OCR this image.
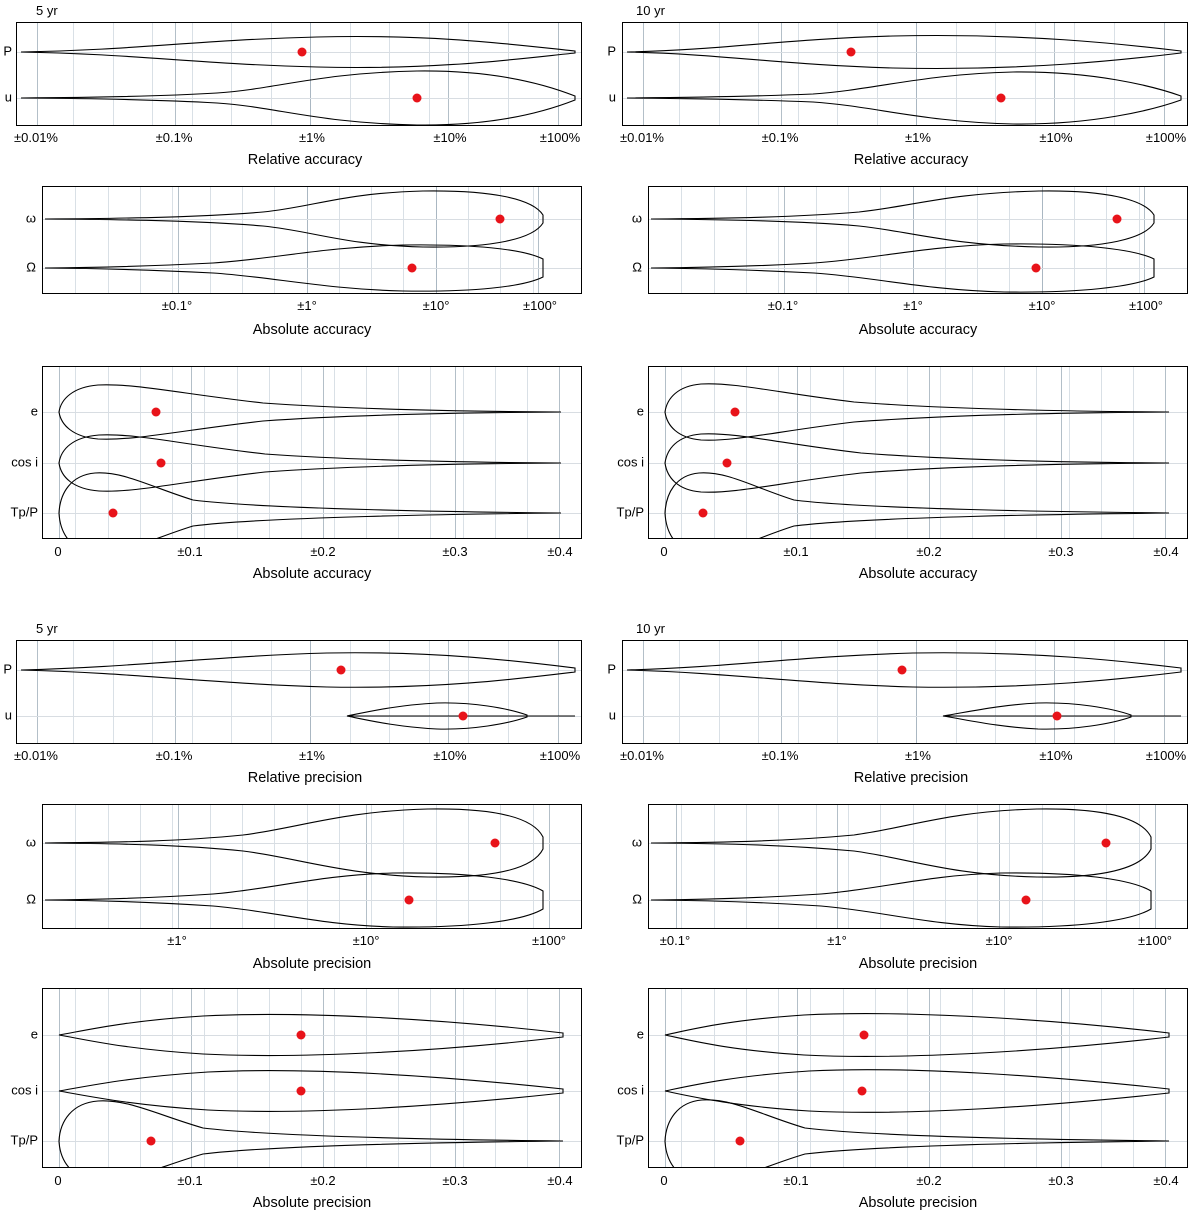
5 yr
P
u
±0.01%	±0.1%	±1%	±10%	±100%
Relative accuracy
10 yr
P
u
±0.01%	±0.1%	±1%	±10%	±100%
Relative accuracy
ω
Ω
±0.1°	±1°	±10°	±100°
Absolute accuracy
ω
Ω
±0.1°	±1°	±10°	±100°
Absolute accuracy
e
cos i
Tp/P
0	±0.1	±0.2	±0.3	±0.4
Absolute accuracy
e
cos i
Tp/P
0	±0.1	±0.2	±0.3	±0.4
Absolute accuracy
5 yr
P
u
±0.01%	±0.1%	±1%	±10%	±100%
Relative precision
10 yr
P
u
±0.01%	±0.1%	±1%	±10%	±100%
Relative precision
ω
Ω
±1°	±10°	±100°
Absolute precision
ω
Ω
±0.1°	±1°	±10°	±100°
Absolute precision
e
cos i
Tp/P
0	±0.1	±0.2	±0.3	±0.4
Absolute precision
e
cos i
Tp/P
0	±0.1	±0.2	±0.3	±0.4
Absolute precision
